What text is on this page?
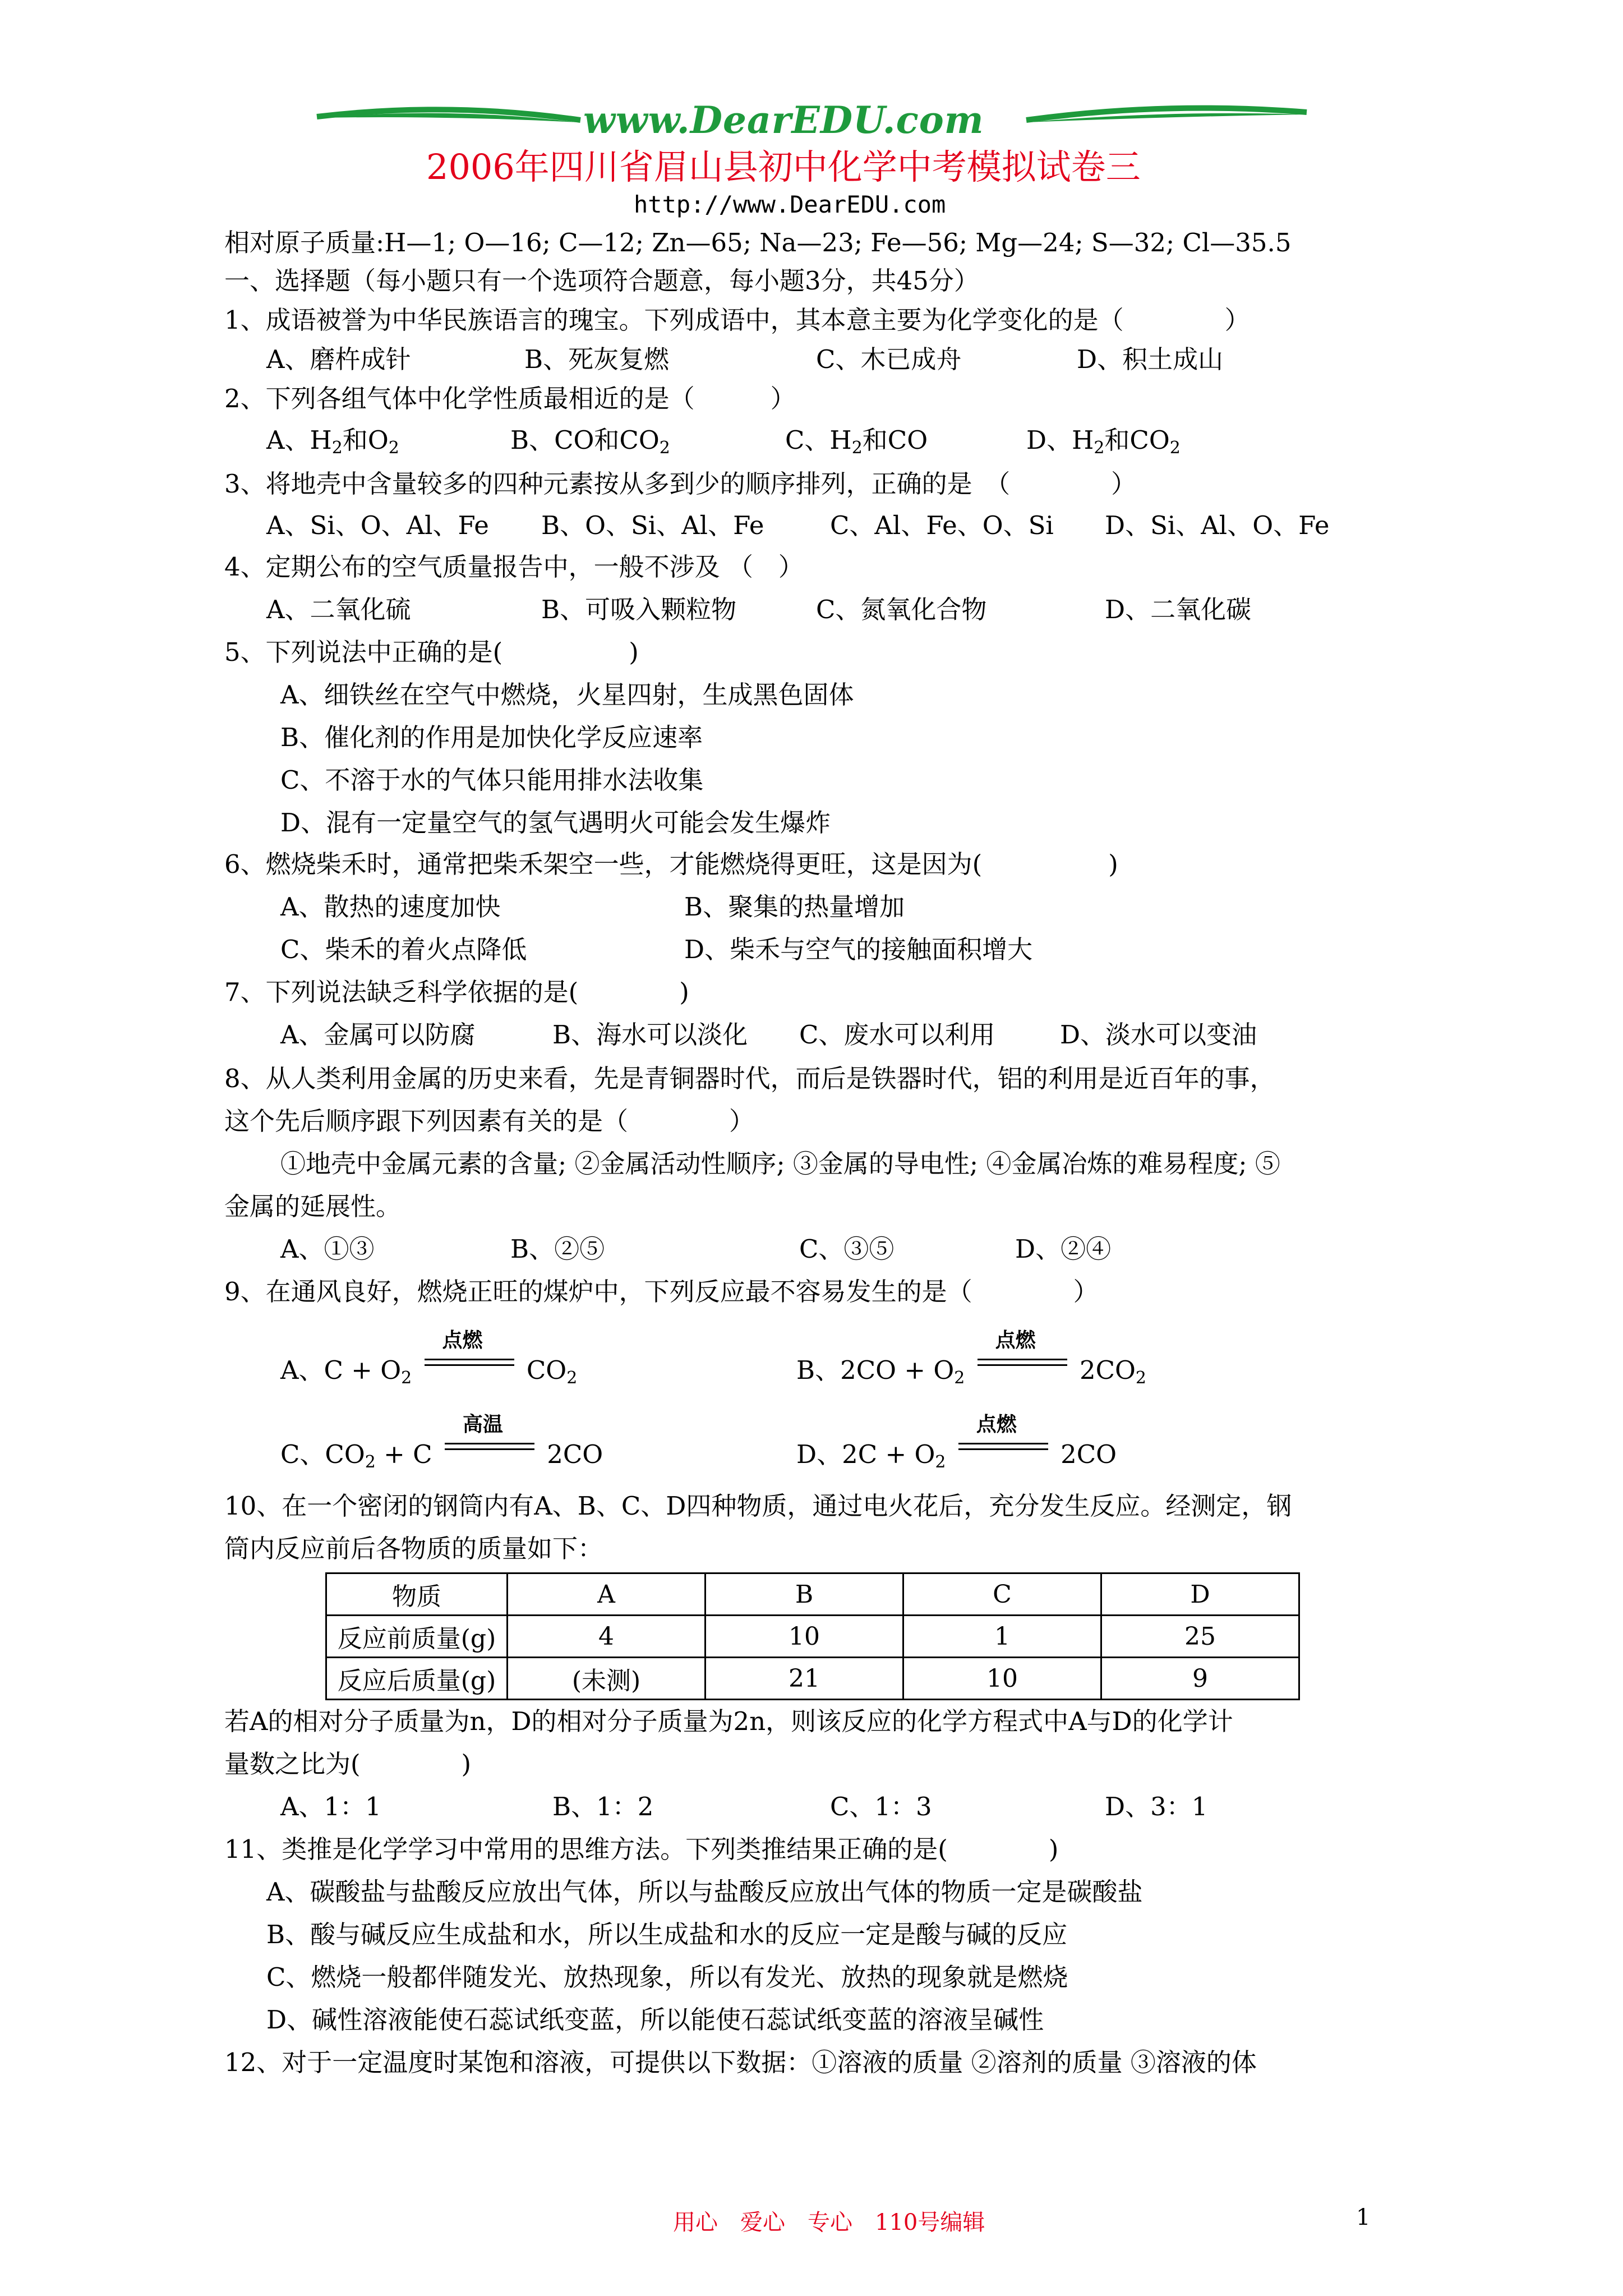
www.DearEDU.com
2006年四川省眉山县初中化学中考模拟试卷三
http://www.DearEDU.com
相对原子质量:H—1; O—16; C—12; Zn—65; Na—23; Fe—56; Mg—24; S—32; Cl—35.5
一、选择题（每小题只有一个选项符合题意，每小题3分，共45分）
1、成语被誉为中华民族语言的瑰宝。下列成语中，其本意主要为化学变化的是（　　　　）
A、磨杵成针	B、死灰复燃	C、木已成舟	D、积土成山
2、下列各组气体中化学性质最相近的是（　　　）
A、$H_2$和$O_2$	B、CO和$CO_2$	C、$H_2$和CO	D、$H_2$和$CO_2$
3、将地壳中含量较多的四种元素按从多到少的顺序排列，正确的是　（　　　　）
A、Si、O、Al、Fe B、O、Si、Al、Fe	C、Al、Fe、O、Si D、Si、Al、O、Fe
4、定期公布的空气质量报告中，一般不涉及 （　）
A、二氧化硫	B、可吸入颗粒物	C、氮氧化合物	D、二氧化碳
5、下列说法中正确的是(　　　　　)
A、细铁丝在空气中燃烧，火星四射，生成黑色固体
B、催化剂的作用是加快化学反应速率
C、不溶于水的气体只能用排水法收集
D、混有一定量空气的氢气遇明火可能会发生爆炸
6、燃烧柴禾时，通常把柴禾架空一些，才能燃烧得更旺，这是因为(　　　　　)
A、散热的速度加快	B、聚集的热量增加
C、柴禾的着火点降低	D、柴禾与空气的接触面积增大
7、下列说法缺乏科学依据的是(　　　　)
A、金属可以防腐	B、海水可以淡化 C、废水可以利用	D、淡水可以变油
8、从人类利用金属的历史来看，先是青铜器时代，而后是铁器时代，铝的利用是近百年的事，
这个先后顺序跟下列因素有关的是（　　　　）
①地壳中金属元素的含量; ②金属活动性顺序; ③金属的导电性; ④金属冶炼的难易程度; ⑤
金属的延展性。
A、①③	B、②⑤	C、③⑤	D、②④
9、在通风良好，燃烧正旺的煤炉中，下列反应最不容易发生的是（　　　　）
A、$C + O_2$
点燃
$CO_2$	B、$2CO + O_2$
点燃
$2CO_2$
C、$CO_2 + C$
高温
2CO	D、$2C + O_2$
点燃
2CO
10、在一个密闭的钢筒内有A、B、C、D四种物质，通过电火花后，充分发生反应。经测定，钢
筒内反应前后各物质的质量如下：
物质	A	B	C	D
反应前质量(g)	4	10	1	25
反应后质量(g)	(未测)	21	10	9
若A的相对分子质量为n，D的相对分子质量为2n，则该反应的化学方程式中A与D的化学计
量数之比为(　　　　)
A、1：1	B、1：2	C、1：3	D、3：1
11、类推是化学学习中常用的思维方法。下列类推结果正确的是(　　　　)
A、碳酸盐与盐酸反应放出气体，所以与盐酸反应放出气体的物质一定是碳酸盐
B、酸与碱反应生成盐和水，所以生成盐和水的反应一定是酸与碱的反应
C、燃烧一般都伴随发光、放热现象，所以有发光、放热的现象就是燃烧
D、碱性溶液能使石蕊试纸变蓝，所以能使石蕊试纸变蓝的溶液呈碱性
12、对于一定温度时某饱和溶液，可提供以下数据：①溶液的质量 ②溶剂的质量 ③溶液的体
用心　爱心　专心　110号编辑	1
